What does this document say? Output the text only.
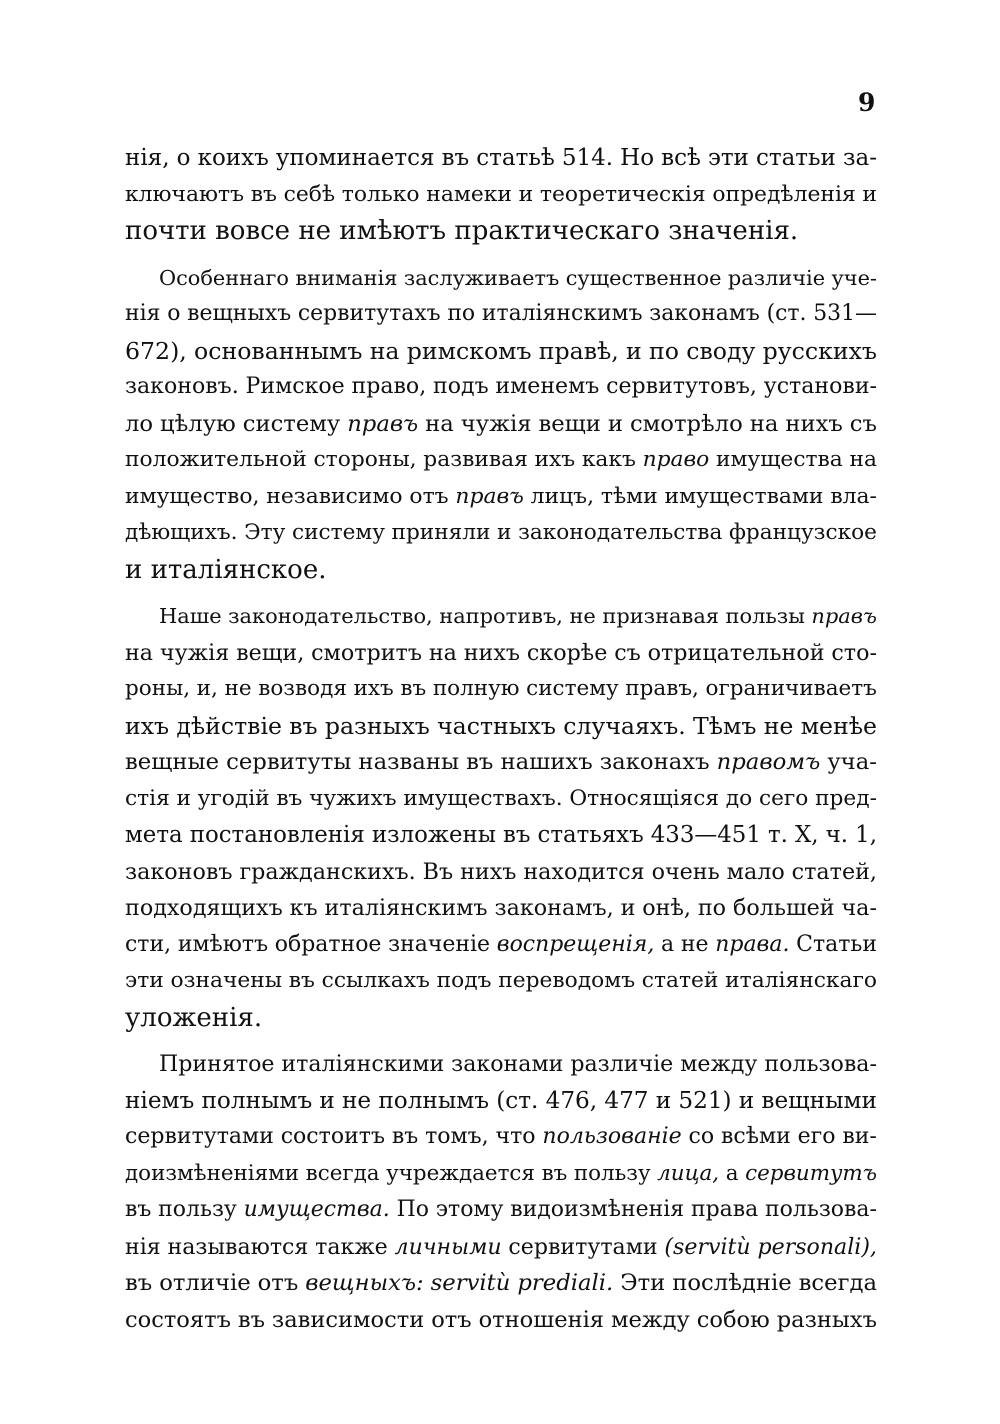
9
нія, о коихъ упоминается въ статьѣ 514. Но всѣ эти статьи за-
ключаютъ въ себѣ только намеки и теоретическія опредѣленія и
почти вовсе не имѣютъ практическаго значенія.
Особеннаго вниманія заслуживаетъ существенное различіе уче-
нія о вещныхъ сервитутахъ по италіянскимъ законамъ (ст. 531—
672), основаннымъ на римскомъ правѣ, и по своду русскихъ
законовъ. Римское право, подъ именемъ сервитутовъ, установи-
ло цѣлую систему правъ на чужія вещи и смотрѣло на нихъ съ
положительной стороны, развивая ихъ какъ право имущества на
имущество, независимо отъ правъ лицъ, тѣми имуществами вла-
дѣющихъ. Эту систему приняли и законодательства французское
и италіянское.
Наше законодательство, напротивъ, не признавая пользы правъ
на чужія вещи, смотритъ на нихъ скорѣе съ отрицательной сто-
роны, и, не возводя ихъ въ полную систему правъ, ограничиваетъ
ихъ дѣйствіе въ разныхъ частныхъ случаяхъ. Тѣмъ не менѣе
вещные сервитуты названы въ нашихъ законахъ правомъ уча-
стія и угодій въ чужихъ имуществахъ. Относящіяся до сего пред-
мета постановленія изложены въ статьяхъ 433—451 т. X, ч. 1,
законовъ гражданскихъ. Въ нихъ находится очень мало статей,
подходящихъ къ италіянскимъ законамъ, и онѣ, по большей ча-
сти, имѣютъ обратное значеніе воспрещенія, а не права. Статьи
эти означены въ ссылкахъ подъ переводомъ статей италіянскаго
уложенія.
Принятое италіянскими законами различіе между пользова-
ніемъ полнымъ и не полнымъ (ст. 476, 477 и 521) и вещными
сервитутами состоитъ въ томъ, что пользованіе со всѣми его ви-
доизмѣненіями всегда учреждается въ пользу лица, а сервитутъ
въ пользу имущества. По этому видоизмѣненія права пользова-
нія называются также личными сервитутами (servitù personali),
въ отличіе отъ вещныхъ: servitù prediali. Эти послѣдніе всегда
состоятъ въ зависимости отъ отношенія между собою разныхъ
